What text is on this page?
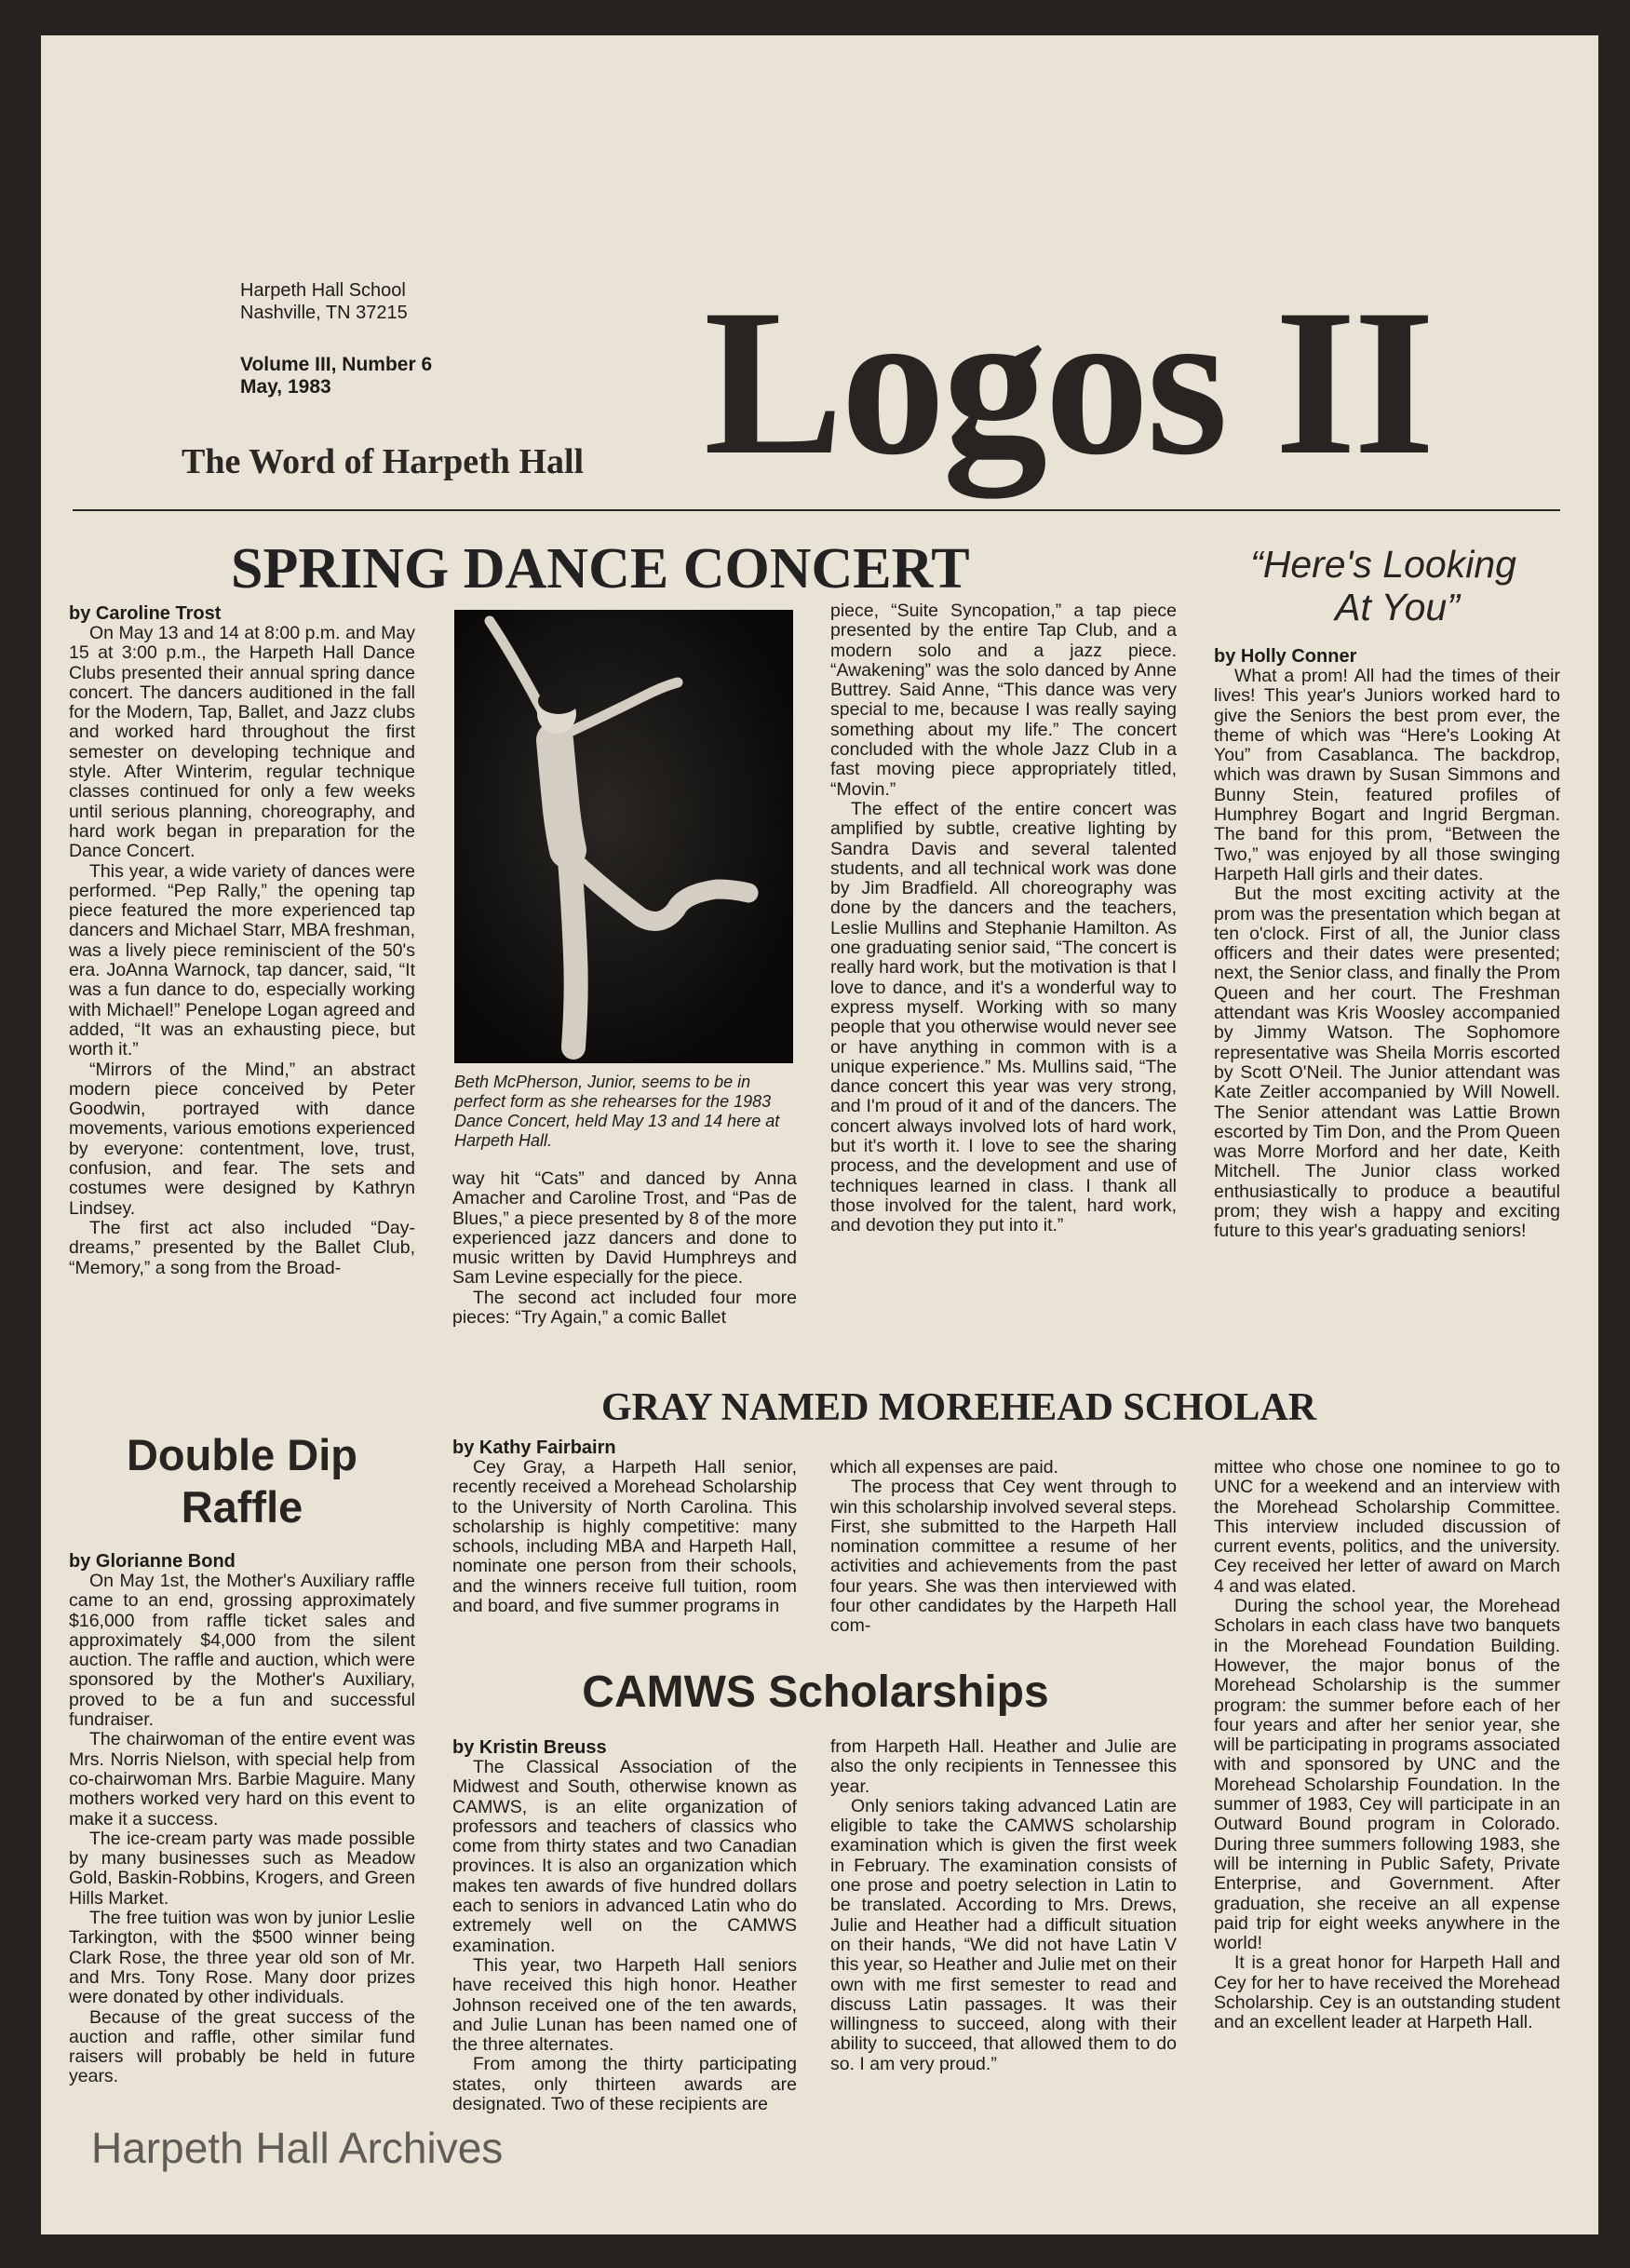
Harpeth Hall School
Nashville, TN 37215
Volume III, Number 6
May, 1983
The Word of Harpeth Hall Logos II
SPRING DANCE CONCERT
by Caroline Trost

On May 13 and 14 at 8:00 p.m. and May 15 at 3:00 p.m., the Harpeth Hall Dance Clubs presented their annual spring dance concert. The dancers auditioned in the fall for the Modern, Tap, Ballet, and Jazz clubs and worked hard throughout the first semester on developing technique and style. After Winterim, regular technique classes continued for only a few weeks until serious planning, choreography, and hard work began in preparation for the Dance Concert.

This year, a wide variety of dances were performed. “Pep Rally,” the opening tap piece featured the more experienced tap dancers and Michael Starr, MBA freshman, was a lively piece reminiscient of the 50's era. JoAnna Warnock, tap dancer, said, “It was a fun dance to do, especially working with Michael!” Penelope Logan agreed and added, “It was an exhausting piece, but worth it.”

“Mirrors of the Mind,” an abstract modern piece conceived by Peter Goodwin, portrayed with dance movements, various emotions experienced by everyone: contentment, love, trust, confusion, and fear. The sets and costumes were designed by Kathryn Lindsey.

The first act also included “Day-dreams,” presented by the Ballet Club, “Memory,” a song from the Broad-

Beth McPherson, Junior, seems to be in perfect form as she rehearses for the 1983 Dance Concert, held May 13 and 14 here at Harpeth Hall.

way hit “Cats” and danced by Anna Amacher and Caroline Trost, and “Pas de Blues,” a piece presented by 8 of the more experienced jazz dancers and done to music written by David Humphreys and Sam Levine especially for the piece.

The second act included four more pieces: “Try Again,” a comic Ballet

piece, “Suite Syncopation,” a tap piece presented by the entire Tap Club, and a modern solo and a jazz piece. “Awakening” was the solo danced by Anne Buttrey. Said Anne, “This dance was very special to me, because I was really saying something about my life.” The concert concluded with the whole Jazz Club in a fast moving piece appropriately titled, “Movin.”

The effect of the entire concert was amplified by subtle, creative lighting by Sandra Davis and several talented students, and all technical work was done by Jim Bradfield. All choreography was done by the dancers and the teachers, Leslie Mullins and Stephanie Hamilton. As one graduating senior said, “The concert is really hard work, but the motivation is that I love to dance, and it's a wonderful way to express myself. Working with so many people that you otherwise would never see or have anything in common with is a unique experience.” Ms. Mullins said, “The dance concert this year was very strong, and I'm proud of it and of the dancers. The concert always involved lots of hard work, but it's worth it. I love to see the sharing process, and the development and use of techniques learned in class. I thank all those involved for the talent, hard work, and devotion they put into it.”

“Here's Looking
At You”
by Holly Conner

What a prom! All had the times of their lives! This year's Juniors worked hard to give the Seniors the best prom ever, the theme of which was “Here's Looking At You” from Casablanca. The backdrop, which was drawn by Susan Simmons and Bunny Stein, featured profiles of Humphrey Bogart and Ingrid Bergman. The band for this prom, “Between the Two,” was enjoyed by all those swinging Harpeth Hall girls and their dates.

But the most exciting activity at the prom was the presentation which began at ten o'clock. First of all, the Junior class officers and their dates were presented; next, the Senior class, and finally the Prom Queen and her court. The Freshman attendant was Kris Woosley accompanied by Jimmy Watson. The Sophomore representative was Sheila Morris escorted by Scott O'Neil. The Junior attendant was Kate Zeitler accompanied by Will Nowell. The Senior attendant was Lattie Brown escorted by Tim Don, and the Prom Queen was Morre Morford and her date, Keith Mitchell. The Junior class worked enthusiastically to produce a beautiful prom; they wish a happy and exciting future to this year's graduating seniors!

GRAY NAMED MOREHEAD SCHOLAR
by Kathy Fairbairn

Cey Gray, a Harpeth Hall senior, recently received a Morehead Scholarship to the University of North Carolina. This scholarship is highly competitive: many schools, including MBA and Harpeth Hall, nominate one person from their schools, and the winners receive full tuition, room and board, and five summer programs in

which all expenses are paid.

The process that Cey went through to win this scholarship involved several steps. First, she submitted to the Harpeth Hall nomination committee a resume of her activities and achievements from the past four years. She was then interviewed with four other candidates by the Harpeth Hall com-

mittee who chose one nominee to go to UNC for a weekend and an interview with the Morehead Scholarship Committee. This interview included discussion of current events, politics, and the university. Cey received her letter of award on March 4 and was elated.

During the school year, the Morehead Scholars in each class have two banquets in the Morehead Foundation Building. However, the major bonus of the Morehead Scholarship is the summer program: the summer before each of her four years and after her senior year, she will be participating in programs associated with and sponsored by UNC and the Morehead Scholarship Foundation. In the summer of 1983, Cey will participate in an Outward Bound program in Colorado. During three summers following 1983, she will be interning in Public Safety, Private Enterprise, and Government. After graduation, she receive an all expense paid trip for eight weeks anywhere in the world!

It is a great honor for Harpeth Hall and Cey for her to have received the Morehead Scholarship. Cey is an outstanding student and an excellent leader at Harpeth Hall.

Double Dip
Raffle
by Glorianne Bond

On May 1st, the Mother's Auxiliary raffle came to an end, grossing approximately $16,000 from raffle ticket sales and approximately $4,000 from the silent auction. The raffle and auction, which were sponsored by the Mother's Auxiliary, proved to be a fun and successful fundraiser.

The chairwoman of the entire event was Mrs. Norris Nielson, with special help from co-chairwoman Mrs. Barbie Maguire. Many mothers worked very hard on this event to make it a success.

The ice-cream party was made possible by many businesses such as Meadow Gold, Baskin-Robbins, Krogers, and Green Hills Market.

The free tuition was won by junior Leslie Tarkington, with the $500 winner being Clark Rose, the three year old son of Mr. and Mrs. Tony Rose. Many door prizes were donated by other individuals.

Because of the great success of the auction and raffle, other similar fund raisers will probably be held in future years.

CAMWS Scholarships
by Kristin Breuss

The Classical Association of the Midwest and South, otherwise known as CAMWS, is an elite organization of professors and teachers of classics who come from thirty states and two Canadian provinces. It is also an organization which makes ten awards of five hundred dollars each to seniors in advanced Latin who do extremely well on the CAMWS examination.

This year, two Harpeth Hall seniors have received this high honor. Heather Johnson received one of the ten awards, and Julie Lunan has been named one of the three alternates.

From among the thirty participating states, only thirteen awards are designated. Two of these recipients are

from Harpeth Hall. Heather and Julie are also the only recipients in Tennessee this year.

Only seniors taking advanced Latin are eligible to take the CAMWS scholarship examination which is given the first week in February. The examination consists of one prose and poetry selection in Latin to be translated. According to Mrs. Drews, Julie and Heather had a difficult situation on their hands, “We did not have Latin V this year, so Heather and Julie met on their own with me first semester to read and discuss Latin passages. It was their willingness to succeed, along with their ability to succeed, that allowed them to do so. I am very proud.”

Harpeth Hall Archives
